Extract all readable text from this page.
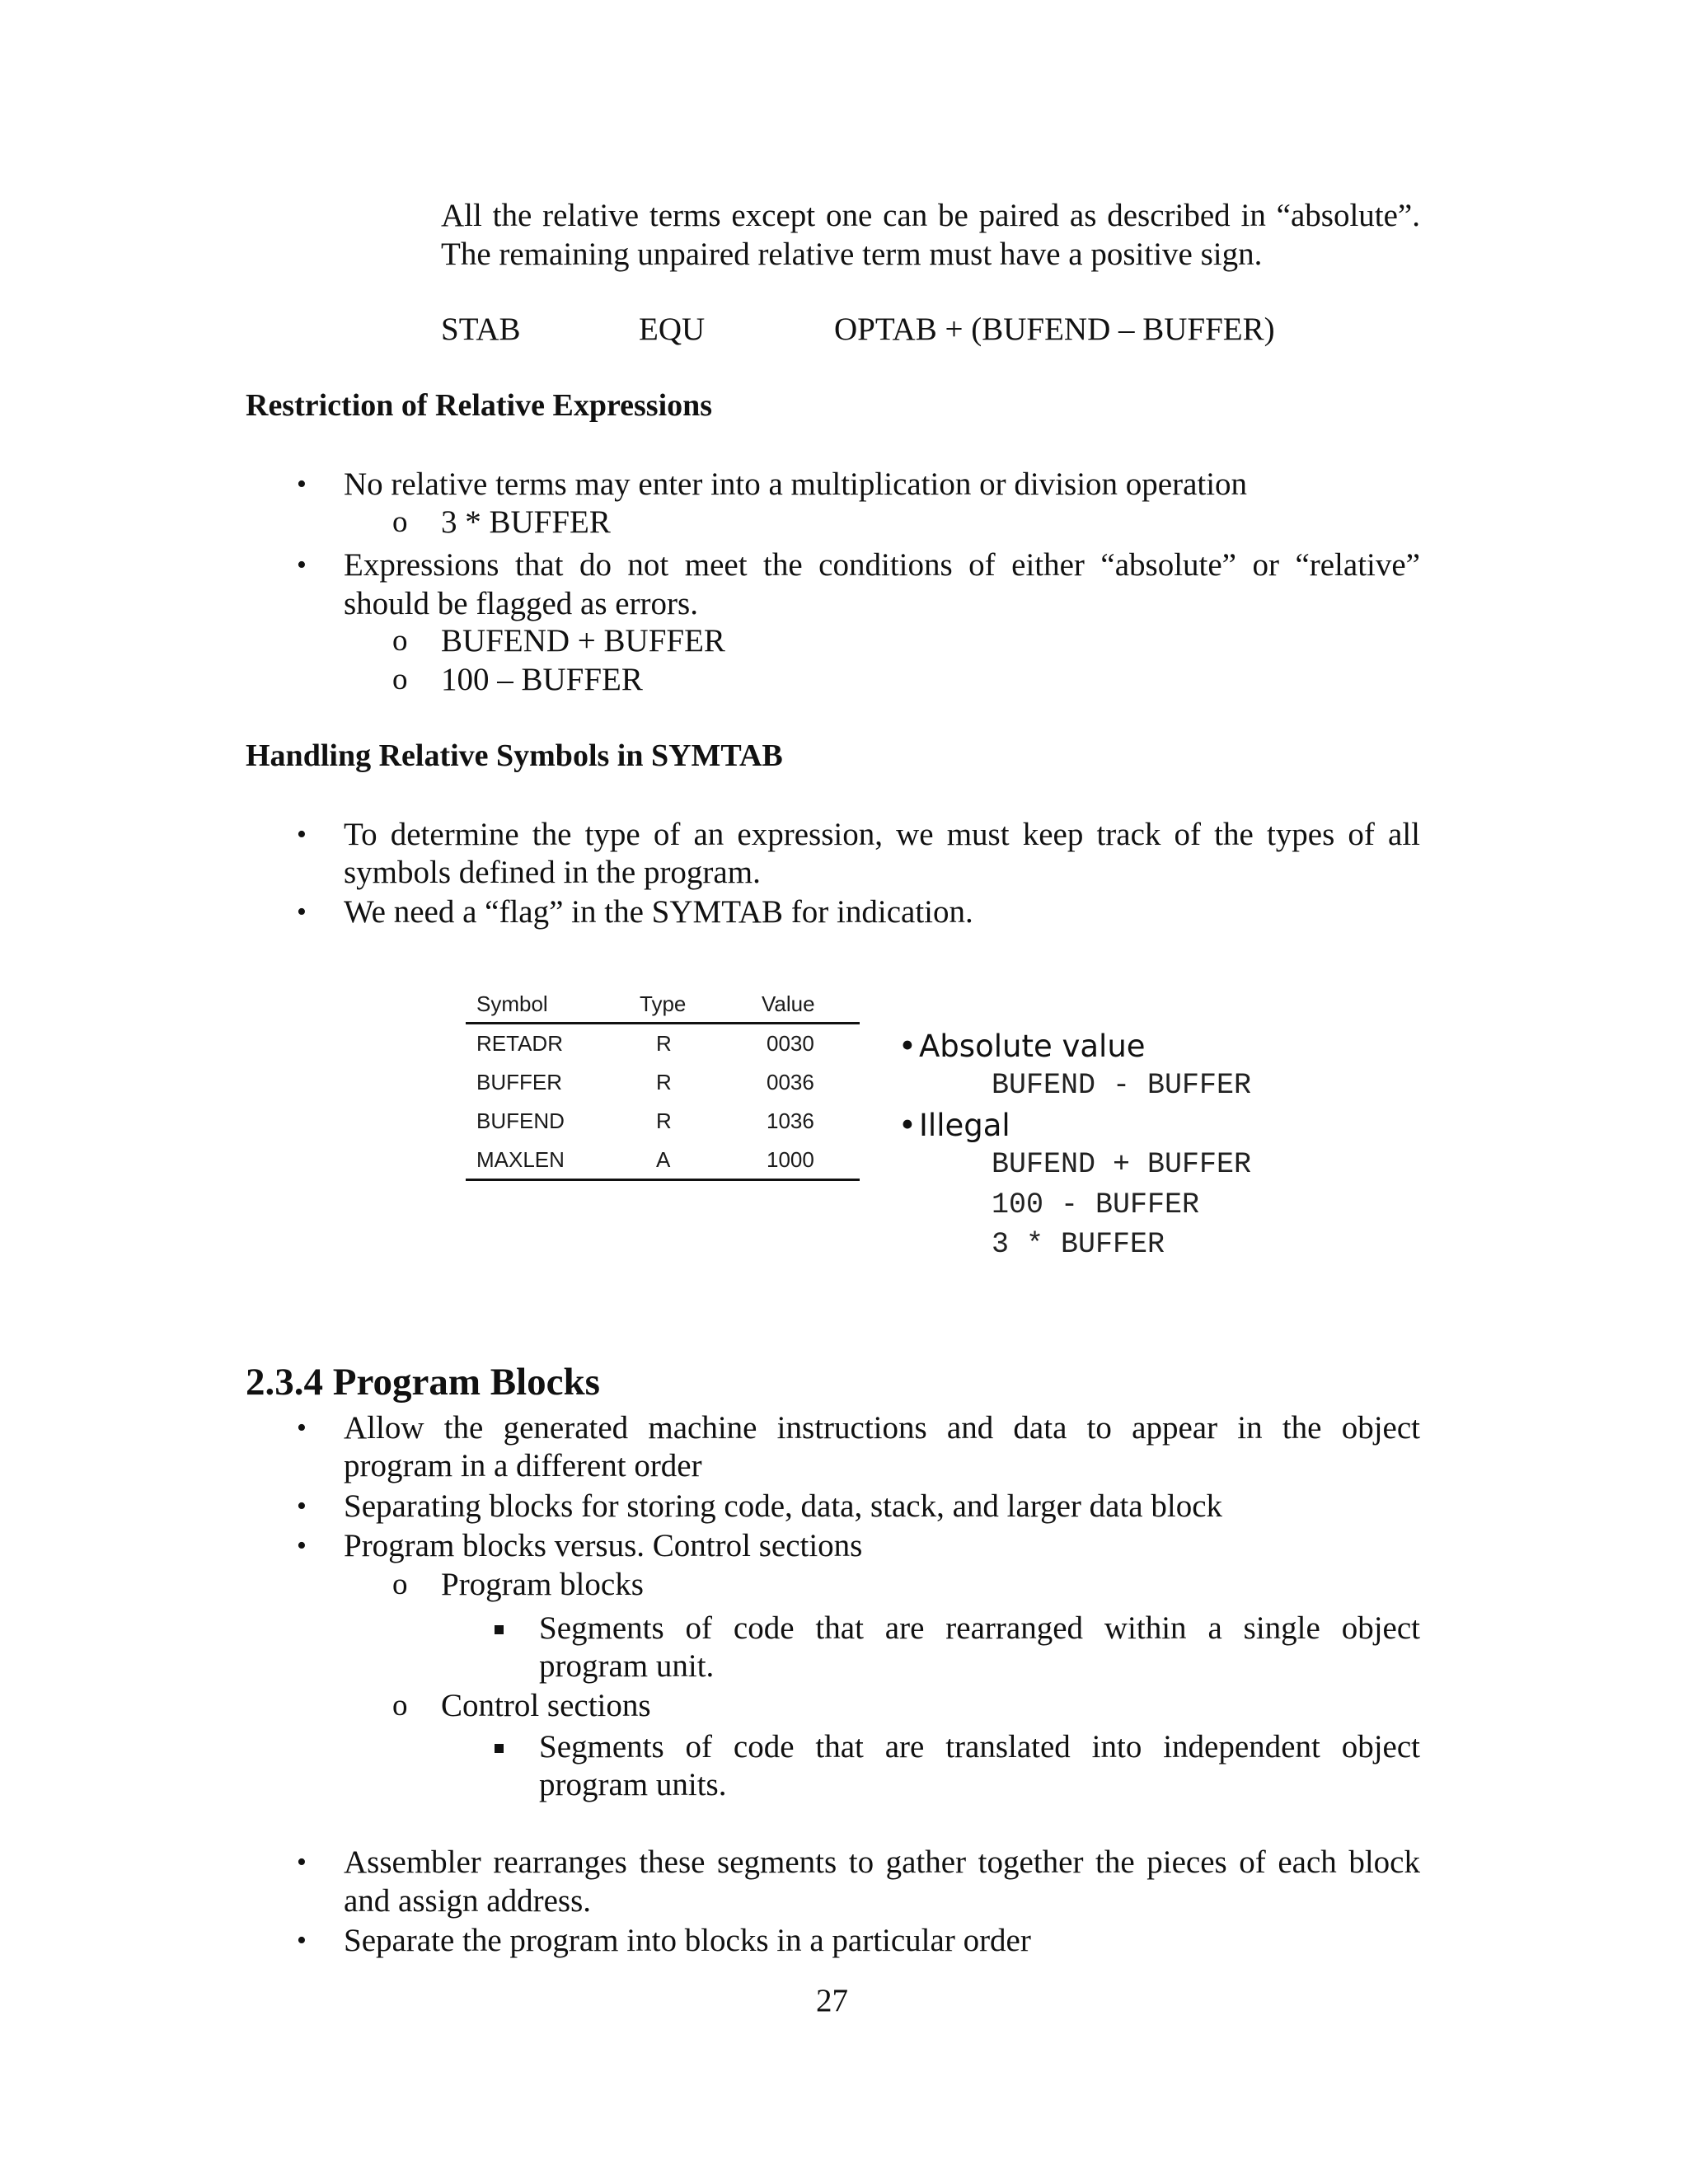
All the relative terms except one can be paired as described in “absolute”.
The remaining unpaired relative term must have a positive sign.
STAB	EQU	OPTAB + (BUFEND – BUFFER)
Restriction of Relative Expressions
• No relative terms may enter into a multiplication or division operation
o 3 * BUFFER
• Expressions that do not meet the conditions of either “absolute” or “relative”
should be flagged as errors.
o BUFEND + BUFFER
o 100 – BUFFER
Handling Relative Symbols in SYMTAB
• To determine the type of an expression, we must keep track of the types of all
symbols defined in the program.
• We need a “flag” in the SYMTAB for indication.
Symbol	Type	Value
RETADR	R	0030
BUFFER	R	0036
BUFEND	R	1036
MAXLEN	A	1000
• Absolute value
BUFEND - BUFFER
• Illegal
BUFEND + BUFFER
100 - BUFFER
3 * BUFFER
2.3.4 Program Blocks
• Allow the generated machine instructions and data to appear in the object
program in a different order
• Separating blocks for storing code, data, stack, and larger data block
• Program blocks versus. Control sections
o Program blocks
Segments of code that are rearranged within a single object
program unit.
o Control sections
Segments of code that are translated into independent object
program units.
• Assembler rearranges these segments to gather together the pieces of each block
and assign address.
• Separate the program into blocks in a particular order
27
